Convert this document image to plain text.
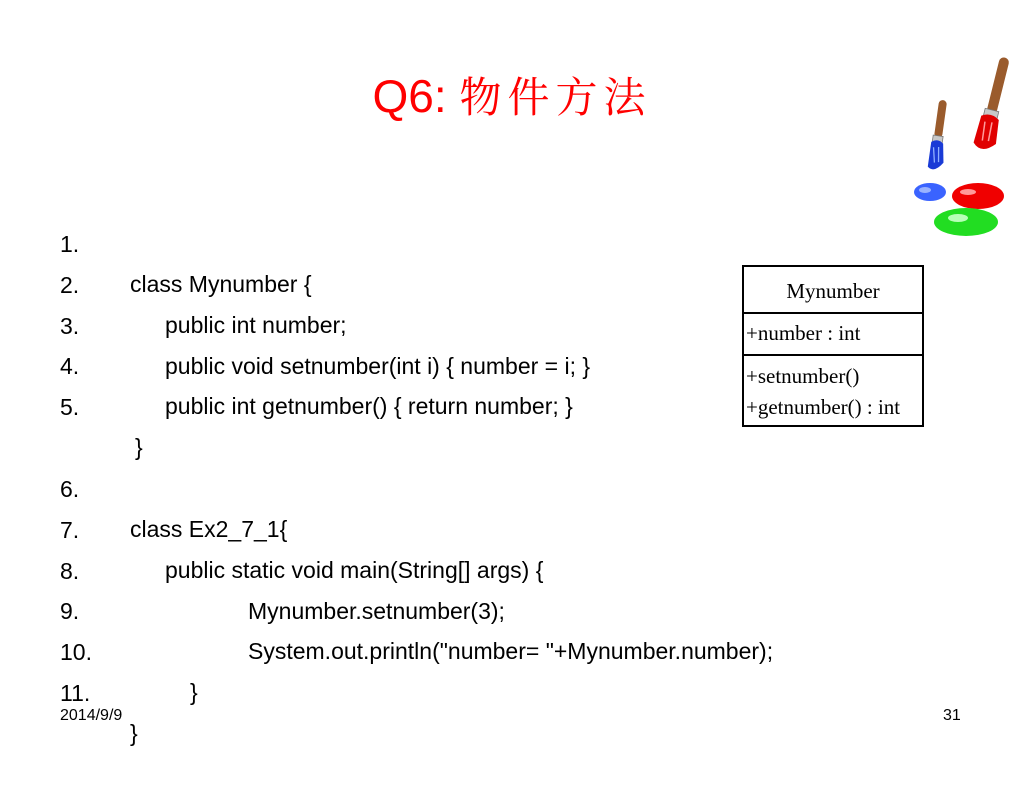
Q6: 物件方法

1.

class Mynumber {

2.

public int number;

3.

public void setnumber(int i) { number = i; }

4.

public int getnumber() { return number; }

5.

}

6.

class Ex2_7_1{

7.

public static void main(String[] args) {

8.

Mynumber.setnumber(3);

9.

System.out.println("number= "+Mynumber.number);

10.

}

11.

}

Mynumber
+number : int
+setnumber()
+getnumber() : int
2014/9/9	31
